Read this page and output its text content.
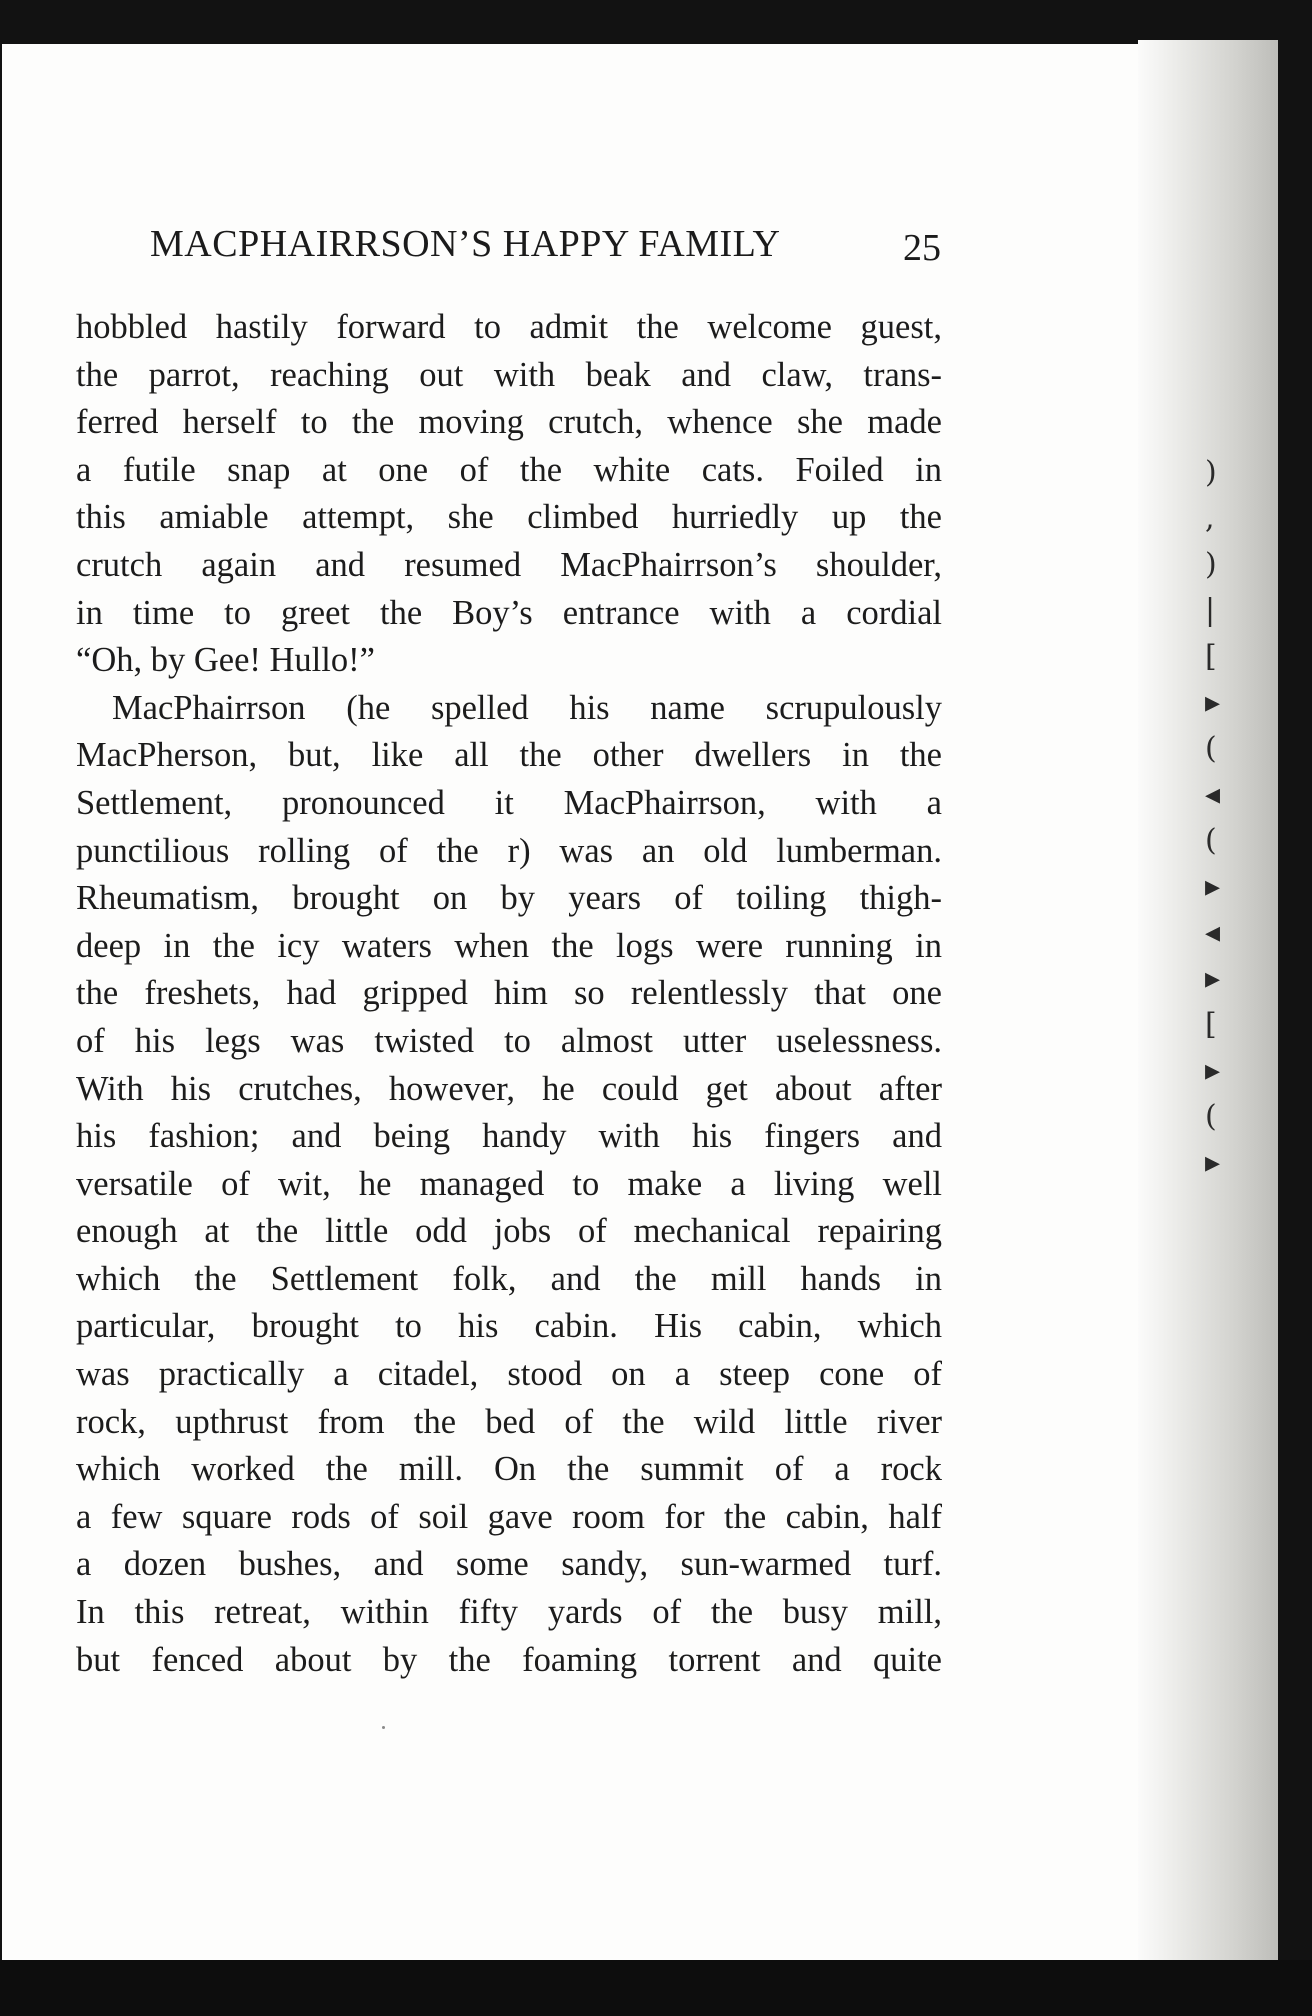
)
,
)
|
[
▸
(
◂
(
▸
◂
▸
[
▸
(
▸
MACPHAIRRSON’S HAPPY FAMILY	25
hobbled hastily forward to admit the welcome guest,
the parrot, reaching out with beak and claw, trans-
ferred herself to the moving crutch, whence she made
a futile snap at one of the white cats. Foiled in
this amiable attempt, she climbed hurriedly up the
crutch again and resumed MacPhairrson’s shoulder,
in time to greet the Boy’s entrance with a cordial
“Oh, by Gee! Hullo!”
MacPhairrson (he spelled his name scrupulously
MacPherson, but, like all the other dwellers in the
Settlement, pronounced it MacPhairrson, with a
punctilious rolling of the r) was an old lumberman.
Rheumatism, brought on by years of toiling thigh-
deep in the icy waters when the logs were running in
the freshets, had gripped him so relentlessly that one
of his legs was twisted to almost utter uselessness.
With his crutches, however, he could get about after
his fashion; and being handy with his fingers and
versatile of wit, he managed to make a living well
enough at the little odd jobs of mechanical repairing
which the Settlement folk, and the mill hands in
particular, brought to his cabin. His cabin, which
was practically a citadel, stood on a steep cone of
rock, upthrust from the bed of the wild little river
which worked the mill. On the summit of a rock
a few square rods of soil gave room for the cabin, half
a dozen bushes, and some sandy, sun-warmed turf.
In this retreat, within fifty yards of the busy mill,
but fenced about by the foaming torrent and quite
